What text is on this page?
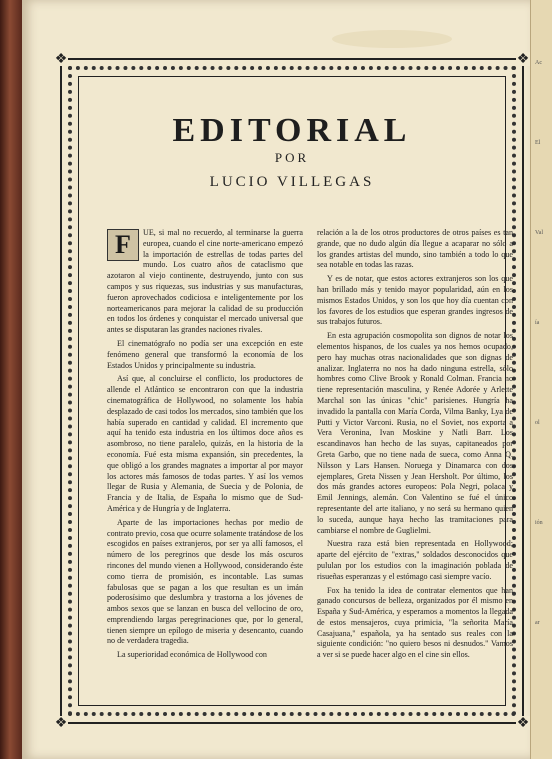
Ac
El
Val
ía
ol
ión
ar
❖	❖
❖	❖
EDITORIAL
POR
LUCIO VILLEGAS

F	UE, si mal no recuerdo, al terminarse la guerra europea, cuando el cine norte-americano empezó la importación de estrellas de todas partes del mundo. Los cuatro años de cataclismo que azotaron al viejo continente, destruyendo, junto con sus campos y sus riquezas, sus industrias y sus manufacturas, fueron aprovechados codiciosa e inteligentemente por los norteamericanos para mejorar la calidad de su producción en todos los órdenes y conquistar el mercado universal que antes se disputaran las grandes naciones rivales.

El cinematógrafo no podía ser una excepción en este fenómeno general que transformó la economía de los Estados Unidos y principalmente su industria.

Así que, al concluirse el conflicto, los productores de allende el Atlántico se encontraron con que la industria cinematográfica de Hollywood, no solamente los había desplazado de casi todos los mercados, sino también que los había superado en cantidad y calidad. El incremento que aquí ha tenido esta industria en los últimos doce años es asombroso, no tiene paralelo, quizás, en la historia de la economía. Fué esta misma expansión, sin precedentes, la que obligó a los grandes magnates a importar al por mayor los actores más famosos de todas partes. Y así los vemos llegar de Rusia y Alemania, de Suecia y de Polonia, de Francia y de Italia, de España lo mismo que de Sud-América y de Hungría y de Inglaterra.

Aparte de las importaciones hechas por medio de contrato previo, cosa que ocurre solamente tratándose de los escogidos en países extranjeros, por ser ya allí famosos, el número de los peregrinos que desde los más oscuros rincones del mundo vienen a Hollywood, considerando éste como tierra de promisión, es incontable. Las sumas fabulosas que se pagan a los que resultan es un imán poderosísimo que deslumbra y trastorna a los jóvenes de ambos sexos que se lanzan en busca del vellocino de oro, emprendiendo largas peregrinaciones que, por lo general, tienen siempre un epílogo de miseria y desencanto, cuando no de verdadera tragedia.

La superioridad económica de Hollywood con

relación a la de los otros productores de otros países es tan grande, que no dudo algún día llegue a acaparar no sólo a los grandes artistas del mundo, sino también a todo lo que sea notable en todas las razas.

Y es de notar, que estos actores extranjeros son los que han brillado más y tenido mayor popularidad, aún en los mismos Estados Unidos, y son los que hoy día cuentan con los favores de los estudios que esperan grandes ingresos de sus trabajos futuros.

En esta agrupación cosmopolita son dignos de notar los elementos hispanos, de los cuales ya nos hemos ocupado, pero hay muchas otras nacionalidades que son dignas de analizar. Inglaterra no nos ha dado ninguna estrella, sólo hombres como Clive Brook y Ronald Colman. Francia no tiene representación masculina, y Renée Adorée y Arlette Marchal son las únicas "chic" parisienes. Hungría ha invadido la pantalla con María Corda, Vilma Banky, Lya de Putti y Victor Varconi. Rusia, no el Soviet, nos exporta a Vera Veronina, Ivan Moskine y Natli Barr. Los escandinavos han hecho de las suyas, capitaneados por Greta Garbo, que no tiene nada de sueca, como Anna Q. Nilsson y Lars Hansen. Noruega y Dinamarca con dos ejemplares, Greta Nissen y Jean Hersholt. Por último, los dos más grandes actores europeos: Pola Negri, polaca y Emil Jennings, alemán. Con Valentino se fué el único representante del arte italiano, y no será su hermano quien lo suceda, aunque haya hecho las tramitaciones para cambiarse el nombre de Guglielmi.

Nuestra raza está bien representada en Hollywood; aparte del ejército de "extras," soldados desconocidos que pululan por los estudios con la imaginación poblada de risueñas esperanzas y el estómago casi siempre vacío.

Fox ha tenido la idea de contratar elementos que han ganado concursos de belleza, organizados por él mismo en España y Sud-América, y esperamos a momentos la llegada de estos mensajeros, cuya primicia, "la señorita María Casajuana," española, ya ha sentado sus reales con la siguiente condición: "no quiero besos ni desnudos." Vamos a ver si se puede hacer algo en el cine sin ellos.
